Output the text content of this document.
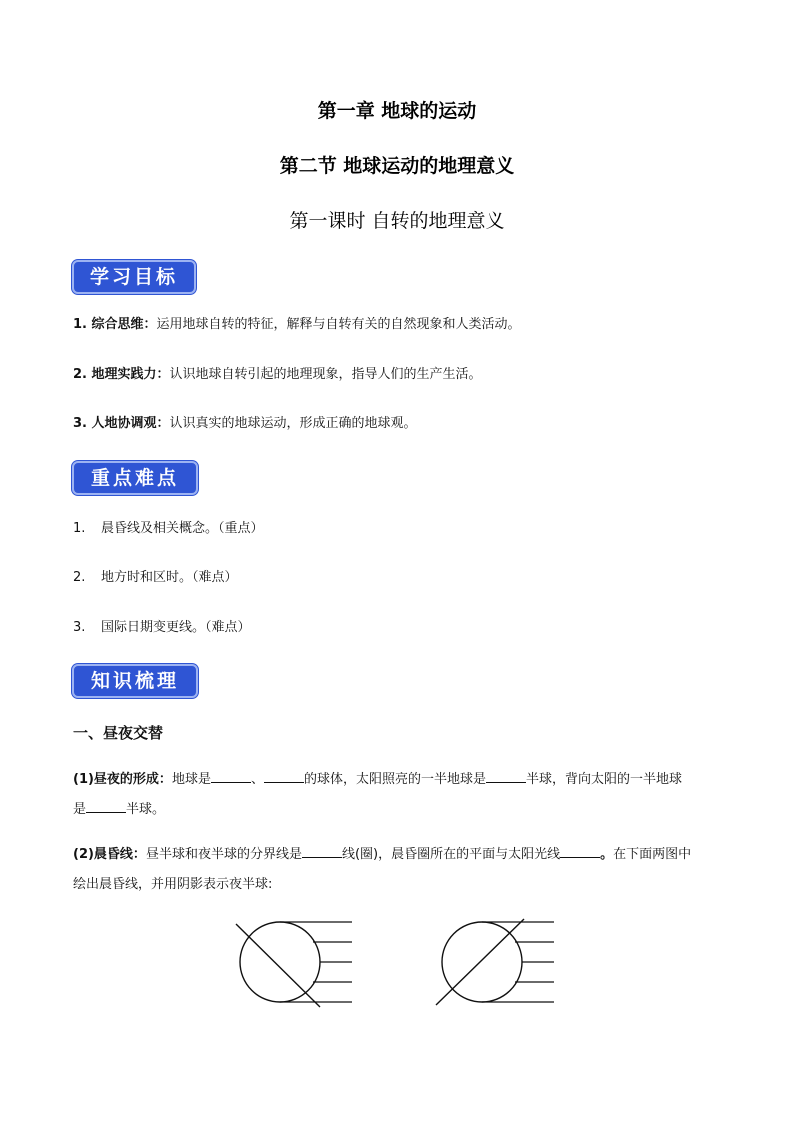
第一章 地球的运动
第二节 地球运动的地理意义
第一课时 自转的地理意义
学习目标
1. 综合思维：运用地球自转的特征，解释与自转有关的自然现象和人类活动。
2. 地理实践力：认识地球自转引起的地理现象，指导人们的生产生活。
3. 人地协调观：认识真实的地球运动，形成正确的地球观。
重点难点
1. 晨昏线及相关概念。（重点）
2. 地方时和区时。（难点）
3. 国际日期变更线。（难点）
知识梳理
一、昼夜交替
(1)昼夜的形成：地球是	、	的球体，太阳照亮的一半地球是	半球，背向太阳的一半地球
是	半球。
(2)晨昏线：昼半球和夜半球的分界线是	线(圈)，晨昏圈所在的平面与太阳光线	。在下面两图中
绘出晨昏线，并用阴影表示夜半球:
